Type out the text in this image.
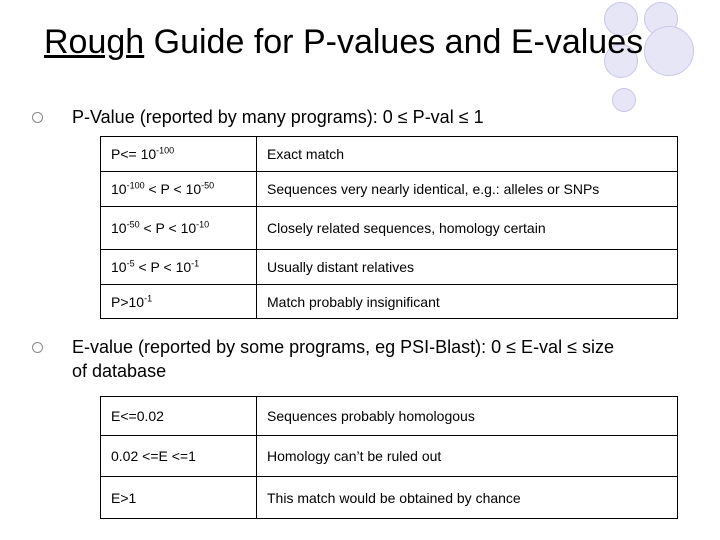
Rough Guide for P-values and E-values
P-Value (reported by many programs): 0 ≤ P-val ≤ 1
$P<= 10^{-100}$	Exact match
$10^{-100} < P < 10^{-50}$	Sequences very nearly identical, e.g.: alleles or SNPs
$10^{-50} < P < 10^{-10}$	Closely related sequences, homology certain
$10^{-5} < P < 10^{-1}$	Usually distant relatives
$P>10^{-1}$	Match probably insignificant
E-value (reported by some programs, eg PSI-Blast): 0 ≤ E-val ≤ size
of database
E<=0.02	Sequences probably homologous
0.02 <=E <=1	Homology can’t be ruled out
E>1	This match would be obtained by chance
